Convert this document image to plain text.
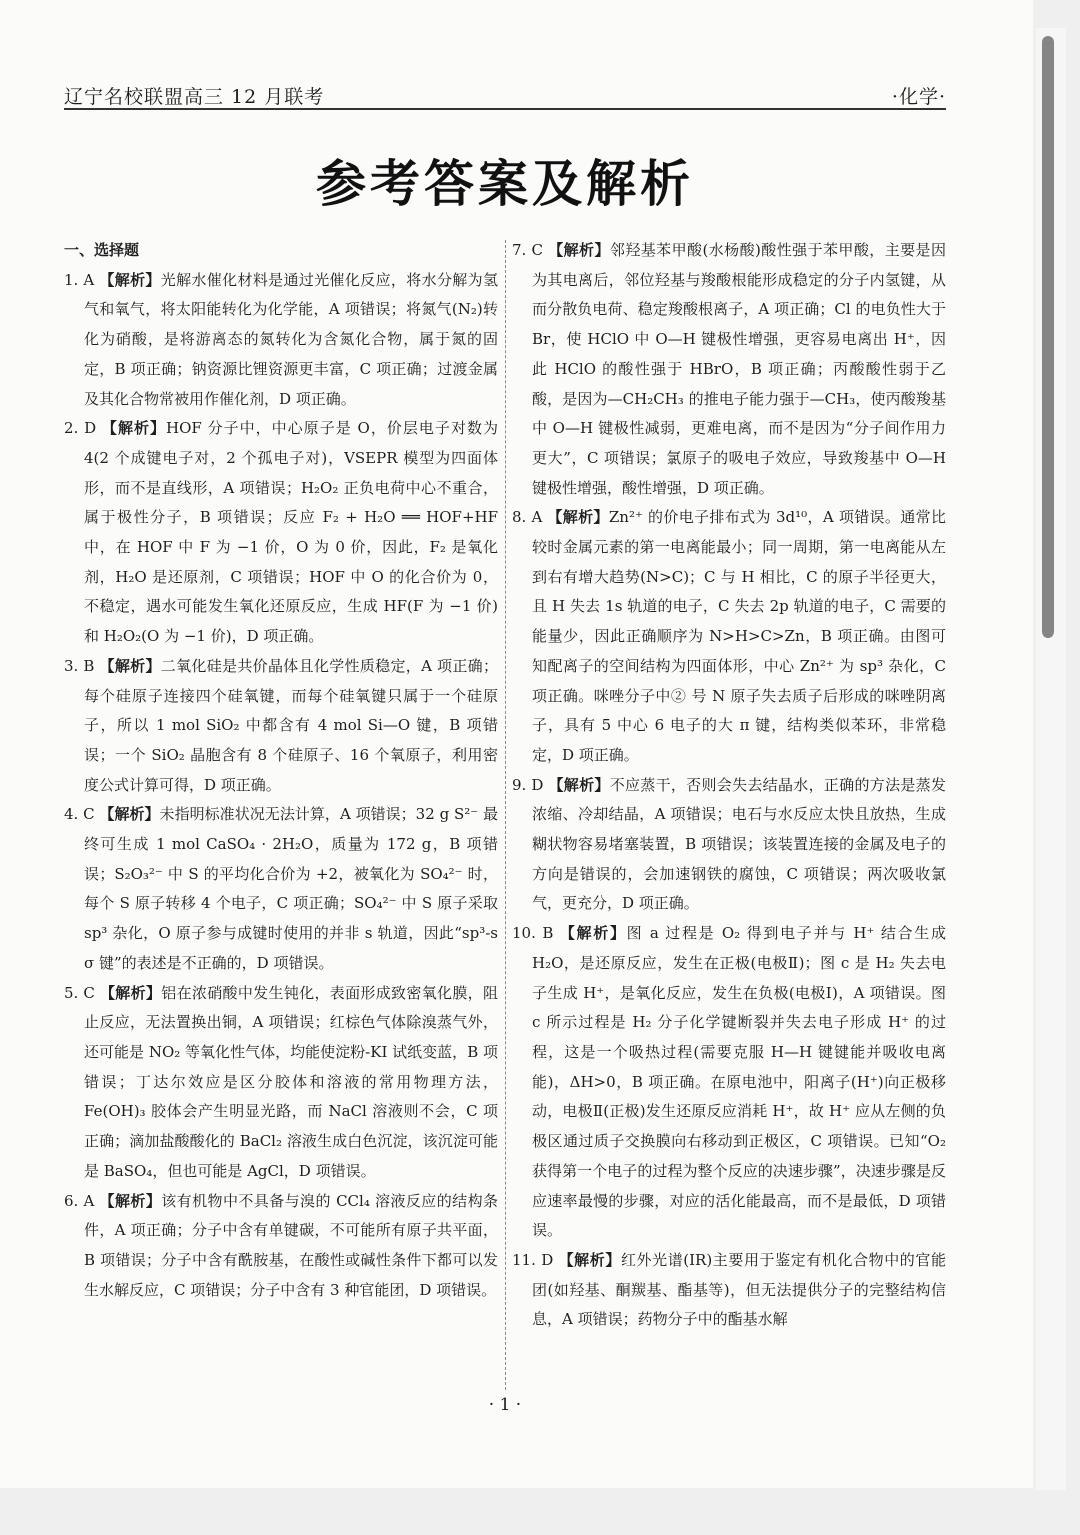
辽宁名校联盟高三 12 月联考	·化学·
参考答案及解析

一、选择题

1. A 【解析】光解水催化材料是通过光催化反应，将水分解为氢气和氧气，将太阳能转化为化学能，A 项错误；将氮气(N₂)转化为硝酸，是将游离态的氮转化为含氮化合物，属于氮的固定，B 项正确；钠资源比锂资源更丰富，C 项正确；过渡金属及其化合物常被用作催化剂，D 项正确。

2. D 【解析】HOF 分子中，中心原子是 O，价层电子对数为 4(2 个成键电子对，2 个孤电子对)，VSEPR 模型为四面体形，而不是直线形，A 项错误；H₂O₂ 正负电荷中心不重合，属于极性分子，B 项错误；反应 F₂ + H₂O ══ HOF+HF 中，在 HOF 中 F 为 −1 价，O 为 0 价，因此，F₂ 是氧化剂，H₂O 是还原剂，C 项错误；HOF 中 O 的化合价为 0，不稳定，遇水可能发生氧化还原反应，生成 HF(F 为 −1 价)和 H₂O₂(O 为 −1 价)，D 项正确。

3. B 【解析】二氧化硅是共价晶体且化学性质稳定，A 项正确；每个硅原子连接四个硅氧键，而每个硅氧键只属于一个硅原子，所以 1 mol SiO₂ 中都含有 4 mol Si—O 键，B 项错误；一个 SiO₂ 晶胞含有 8 个硅原子、16 个氧原子，利用密度公式计算可得，D 项正确。

4. C 【解析】未指明标准状况无法计算，A 项错误；32 g S²⁻ 最终可生成 1 mol CaSO₄ · 2H₂O，质量为 172 g，B 项错误；S₂O₃²⁻ 中 S 的平均化合价为 +2，被氧化为 SO₄²⁻ 时，每个 S 原子转移 4 个电子，C 项正确；SO₄²⁻ 中 S 原子采取 sp³ 杂化，O 原子参与成键时使用的并非 s 轨道，因此“sp³-s σ 键”的表述是不正确的，D 项错误。

5. C 【解析】铝在浓硝酸中发生钝化，表面形成致密氧化膜，阻止反应，无法置换出铜，A 项错误；红棕色气体除溴蒸气外，还可能是 NO₂ 等氧化性气体，均能使淀粉-KI 试纸变蓝，B 项错误；丁达尔效应是区分胶体和溶液的常用物理方法，Fe(OH)₃ 胶体会产生明显光路，而 NaCl 溶液则不会，C 项正确；滴加盐酸酸化的 BaCl₂ 溶液生成白色沉淀，该沉淀可能是 BaSO₄，但也可能是 AgCl，D 项错误。

6. A 【解析】该有机物中不具备与溴的 CCl₄ 溶液反应的结构条件，A 项正确；分子中含有单键碳，不可能所有原子共平面，B 项错误；分子中含有酰胺基，在酸性或碱性条件下都可以发生水解反应，C 项错误；分子中含有 3 种官能团，D 项错误。

7. C 【解析】邻羟基苯甲酸(水杨酸)酸性强于苯甲酸，主要是因为其电离后，邻位羟基与羧酸根能形成稳定的分子内氢键，从而分散负电荷、稳定羧酸根离子，A 项正确；Cl 的电负性大于 Br，使 HClO 中 O—H 键极性增强，更容易电离出 H⁺，因此 HClO 的酸性强于 HBrO，B 项正确；丙酸酸性弱于乙酸，是因为—CH₂CH₃ 的推电子能力强于—CH₃，使丙酸羧基中 O—H 键极性减弱，更难电离，而不是因为“分子间作用力更大”，C 项错误；氯原子的吸电子效应，导致羧基中 O—H 键极性增强，酸性增强，D 项正确。

8. A 【解析】Zn²⁺ 的价电子排布式为 3d¹⁰，A 项错误。通常比较时金属元素的第一电离能最小；同一周期，第一电离能从左到右有增大趋势(N>C)；C 与 H 相比，C 的原子半径更大，且 H 失去 1s 轨道的电子，C 失去 2p 轨道的电子，C 需要的能量少，因此正确顺序为 N>H>C>Zn，B 项正确。由图可知配离子的空间结构为四面体形，中心 Zn²⁺ 为 sp³ 杂化，C 项正确。咪唑分子中② 号 N 原子失去质子后形成的咪唑阴离子，具有 5 中心 6 电子的大 π 键，结构类似苯环，非常稳定，D 项正确。

9. D 【解析】不应蒸干，否则会失去结晶水，正确的方法是蒸发浓缩、冷却结晶，A 项错误；电石与水反应太快且放热，生成糊状物容易堵塞装置，B 项错误；该装置连接的金属及电子的方向是错误的，会加速钢铁的腐蚀，C 项错误；两次吸收氯气，更充分，D 项正确。

10. B 【解析】图 a 过程是 O₂ 得到电子并与 H⁺ 结合生成 H₂O，是还原反应，发生在正极(电极Ⅱ)；图 c 是 H₂ 失去电子生成 H⁺，是氧化反应，发生在负极(电极Ⅰ)，A 项错误。图 c 所示过程是 H₂ 分子化学键断裂并失去电子形成 H⁺ 的过程，这是一个吸热过程(需要克服 H—H 键键能并吸收电离能)，ΔH>0，B 项正确。在原电池中，阳离子(H⁺)向正极移动，电极Ⅱ(正极)发生还原反应消耗 H⁺，故 H⁺ 应从左侧的负极区通过质子交换膜向右移动到正极区，C 项错误。已知“O₂ 获得第一个电子的过程为整个反应的决速步骤”，决速步骤是反应速率最慢的步骤，对应的活化能最高，而不是最低，D 项错误。

11. D 【解析】红外光谱(IR)主要用于鉴定有机化合物中的官能团(如羟基、酮羰基、酯基等)，但无法提供分子的完整结构信息，A 项错误；药物分子中的酯基水解

· 1 ·
